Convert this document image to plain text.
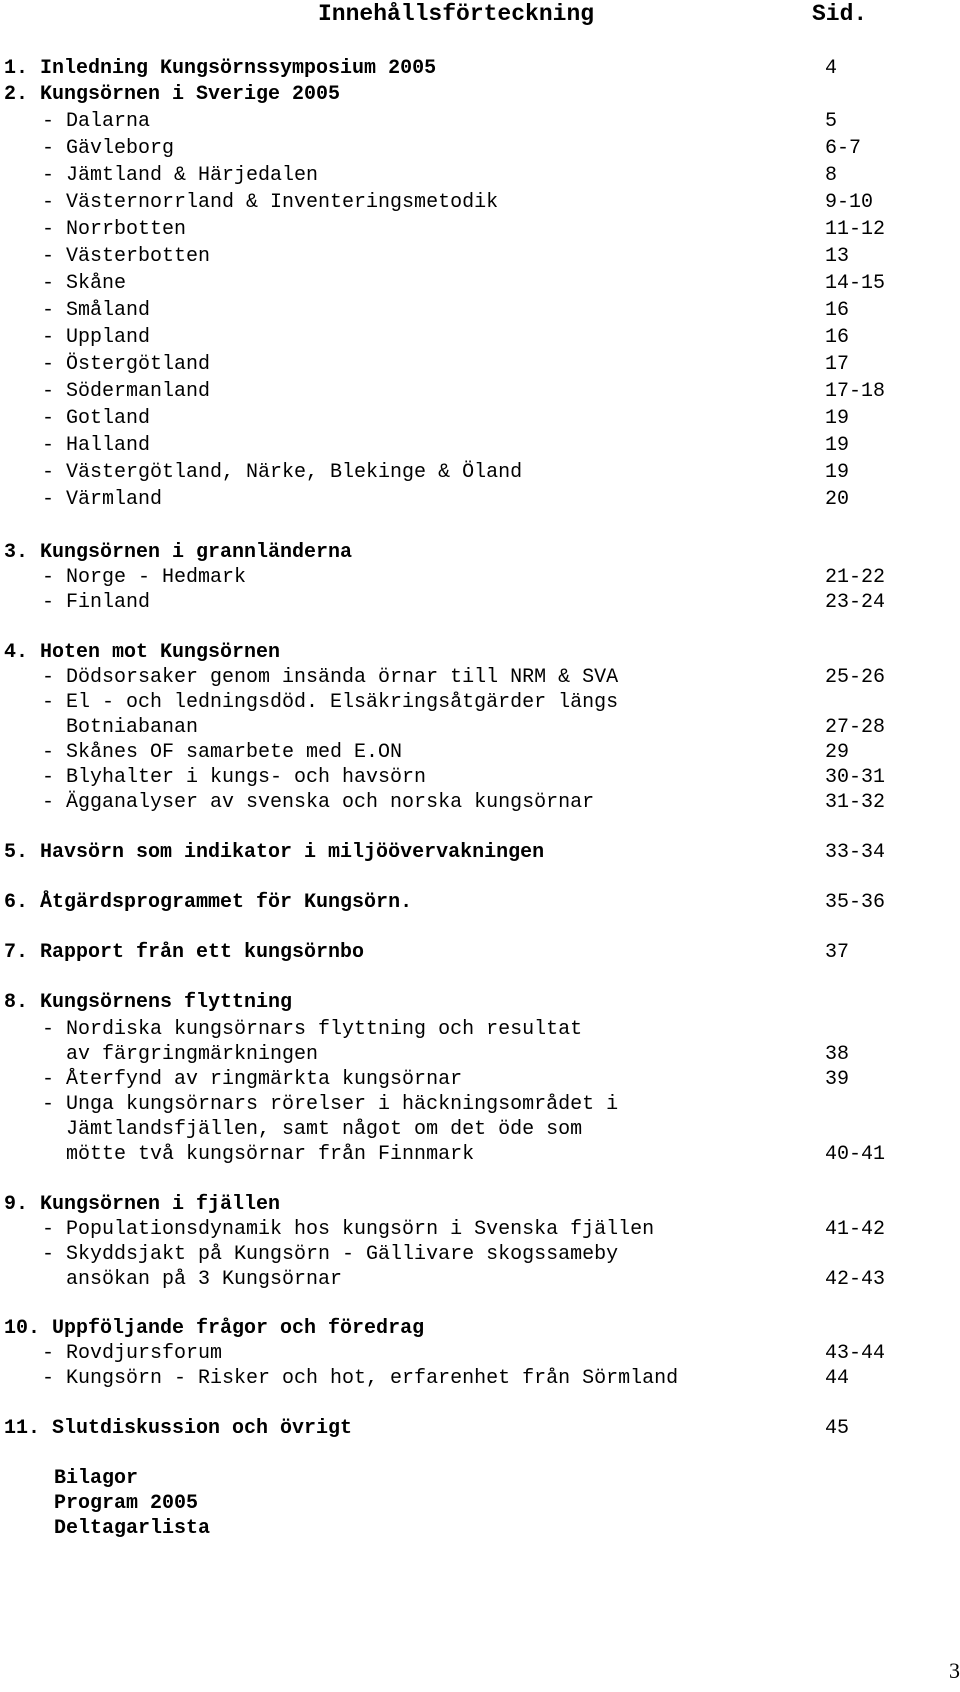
Innehållsförteckning	Sid.
1. Inledning Kungsörnssymposium 2005	4
2. Kungsörnen i Sverige 2005
- Dalarna	5
- Gävleborg	6-7
- Jämtland & Härjedalen	8
- Västernorrland & Inventeringsmetodik	9-10
- Norrbotten	11-12
- Västerbotten	13
- Skåne	14-15
- Småland	16
- Uppland	16
- Östergötland	17
- Södermanland	17-18
- Gotland	19
- Halland	19
- Västergötland, Närke, Blekinge & Öland	19
- Värmland	20
3. Kungsörnen i grannländerna
- Norge - Hedmark	21-22
- Finland	23-24
4. Hoten mot Kungsörnen
- Dödsorsaker genom insända örnar till NRM & SVA	25-26
- El - och ledningsdöd. Elsäkringsåtgärder längs
Botniabanan	27-28
- Skånes OF samarbete med E.ON	29
- Blyhalter i kungs- och havsörn	30-31
- Ägganalyser av svenska och norska kungsörnar	31-32
5. Havsörn som indikator i miljöövervakningen	33-34
6. Åtgärdsprogrammet för Kungsörn.	35-36
7. Rapport från ett kungsörnbo	37
8. Kungsörnens flyttning
- Nordiska kungsörnars flyttning och resultat
av färgringmärkningen	38
- Återfynd av ringmärkta kungsörnar	39
- Unga kungsörnars rörelser i häckningsområdet i
Jämtlandsfjällen, samt något om det öde som
mötte två kungsörnar från Finnmark	40-41
9. Kungsörnen i fjällen
- Populationsdynamik hos kungsörn i Svenska fjällen	41-42
- Skyddsjakt på Kungsörn - Gällivare skogssameby
ansökan på 3 Kungsörnar	42-43
10. Uppföljande frågor och föredrag
- Rovdjursforum	43-44
- Kungsörn - Risker och hot, erfarenhet från Sörmland	44
11. Slutdiskussion och övrigt	45
Bilagor
Program 2005
Deltagarlista
3
